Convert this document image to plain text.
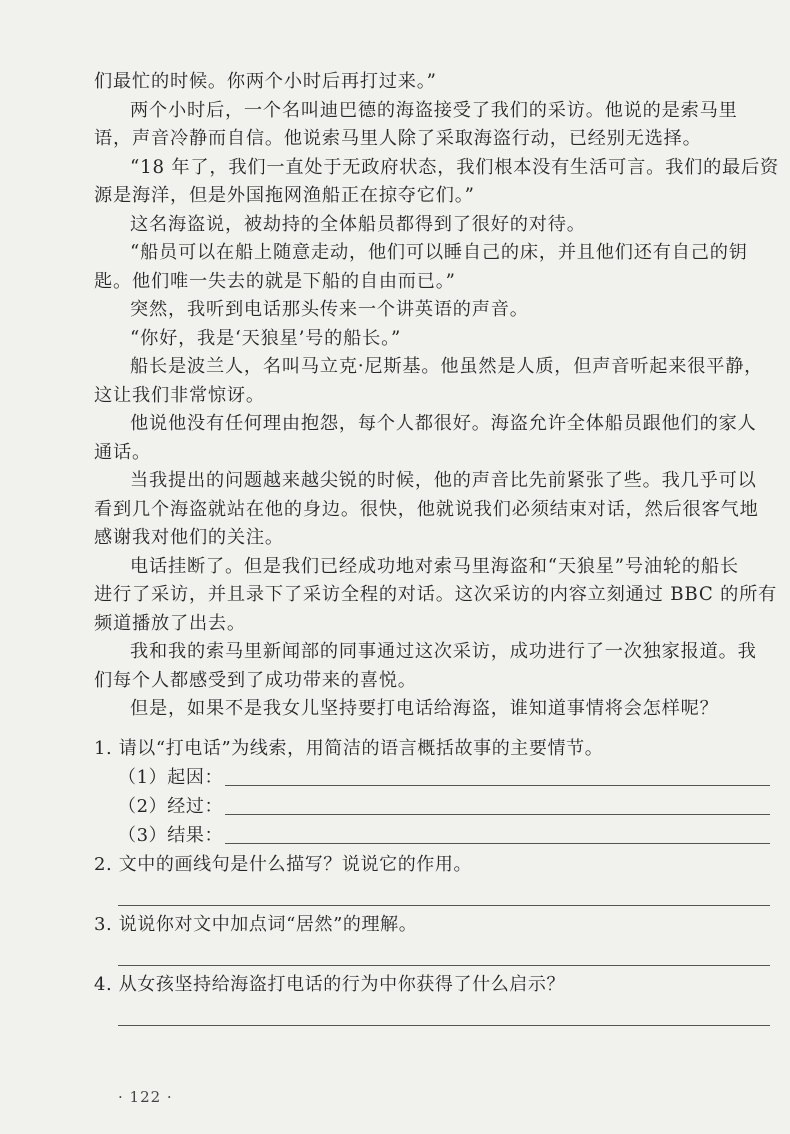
们最忙的时候。你两个小时后再打过来。”

两个小时后，一个名叫迪巴德的海盗接受了我们的采访。他说的是索马里
语，声音冷静而自信。他说索马里人除了采取海盗行动，已经别无选择。

“18 年了，我们一直处于无政府状态，我们根本没有生活可言。我们的最后资
源是海洋，但是外国拖网渔船正在掠夺它们。”

这名海盗说，被劫持的全体船员都得到了很好的对待。

“船员可以在船上随意走动，他们可以睡自己的床，并且他们还有自己的钥
匙。他们唯一失去的就是下船的自由而已。”

突然，我听到电话那头传来一个讲英语的声音。

“你好，我是‘天狼星’号的船长。”

船长是波兰人，名叫马立克·尼斯基。他虽然是人质，但声音听起来很平静，
这让我们非常惊讶。

他说他没有任何理由抱怨，每个人都很好。海盗允许全体船员跟他们的家人
通话。

当我提出的问题越来越尖锐的时候，他的声音比先前紧张了些。我几乎可以
看到几个海盗就站在他的身边。很快，他就说我们必须结束对话，然后很客气地
感谢我对他们的关注。

电话挂断了。但是我们已经成功地对索马里海盗和“天狼星”号油轮的船长
进行了采访，并且录下了采访全程的对话。这次采访的内容立刻通过 BBC 的所有
频道播放了出去。

我和我的索马里新闻部的同事通过这次采访，成功进行了一次独家报道。我
们每个人都感受到了成功带来的喜悦。

但是，如果不是我女儿坚持要打电话给海盗，谁知道事情将会怎样呢？

1. 请以“打电话”为线索，用简洁的语言概括故事的主要情节。
（1）起因：
（2）经过：
（3）结果：
2. 文中的画线句是什么描写？说说它的作用。
3. 说说你对文中加点词“居然”的理解。
4. 从女孩坚持给海盗打电话的行为中你获得了什么启示？
· 122 ·
